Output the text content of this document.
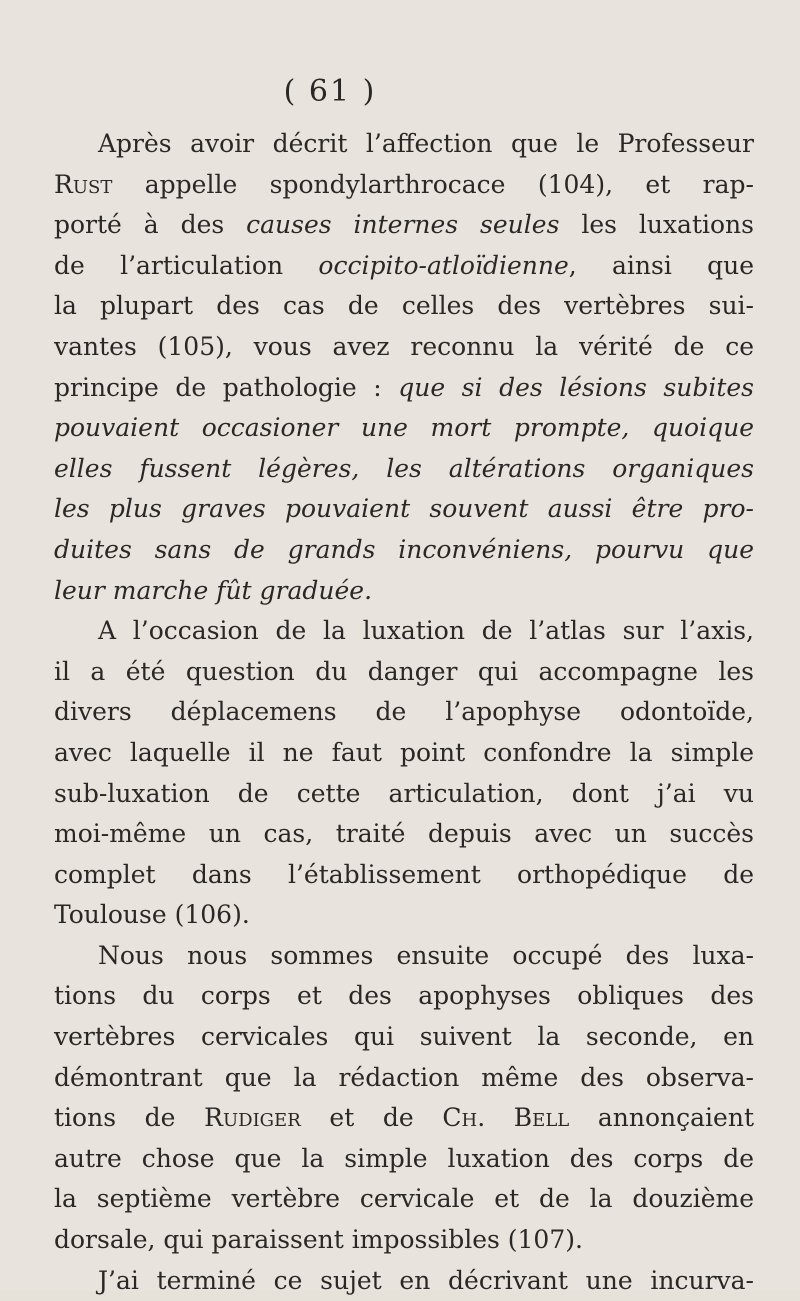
( 61 )
Après avoir décrit l’affection que le Professeur
Rust appelle spondylarthrocace (104), et rap-
porté à des causes internes seules les luxations
de l’articulation occipito-atloïdienne, ainsi que
la plupart des cas de celles des vertèbres sui-
vantes (105), vous avez reconnu la vérité de ce
principe de pathologie : que si des lésions subites
pouvaient occasioner une mort prompte, quoique
elles fussent légères, les altérations organiques
les plus graves pouvaient souvent aussi être pro-
duites sans de grands inconvéniens, pourvu que
leur marche fût graduée.
A l’occasion de la luxation de l’atlas sur l’axis,
il a été question du danger qui accompagne les
divers déplacemens de l’apophyse odontoïde,
avec laquelle il ne faut point confondre la simple
sub-luxation de cette articulation, dont j’ai vu
moi-même un cas, traité depuis avec un succès
complet dans l’établissement orthopédique de
Toulouse (106).
Nous nous sommes ensuite occupé des luxa-
tions du corps et des apophyses obliques des
vertèbres cervicales qui suivent la seconde, en
démontrant que la rédaction même des observa-
tions de Rudiger et de Ch. Bell annonçaient
autre chose que la simple luxation des corps de
la septième vertèbre cervicale et de la douzième
dorsale, qui paraissent impossibles (107).
J’ai terminé ce sujet en décrivant une incurva-
